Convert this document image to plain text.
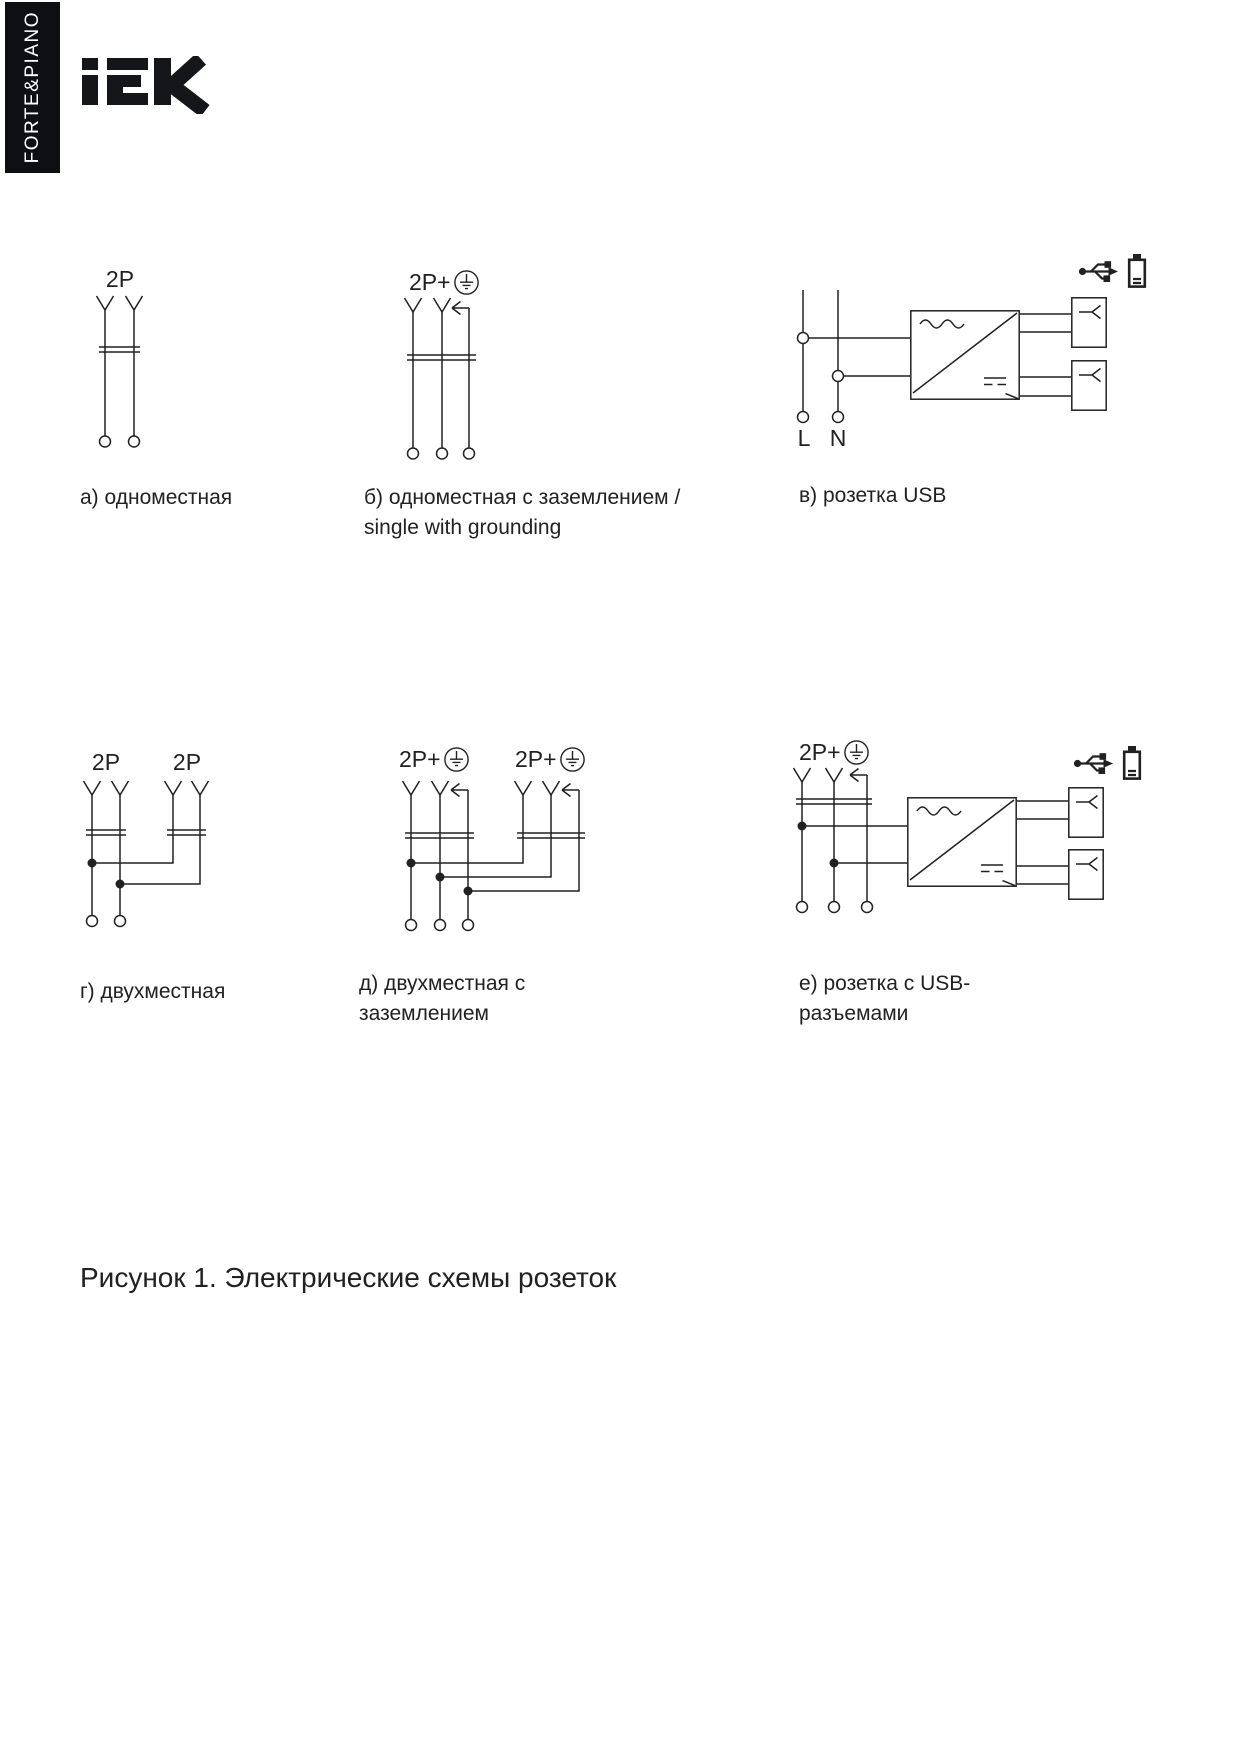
FORTE&PIANO
2P	2P+
L N
а) одноместная	б) одноместная с заземлением /
single with grounding
в) розетка USB
2P 2P	2P+	2P+	2P+
г) двухместная	д) двухместная с
заземлением
е) розетка с USB-
разъемами
Рисунок 1. Электрические схемы розеток
